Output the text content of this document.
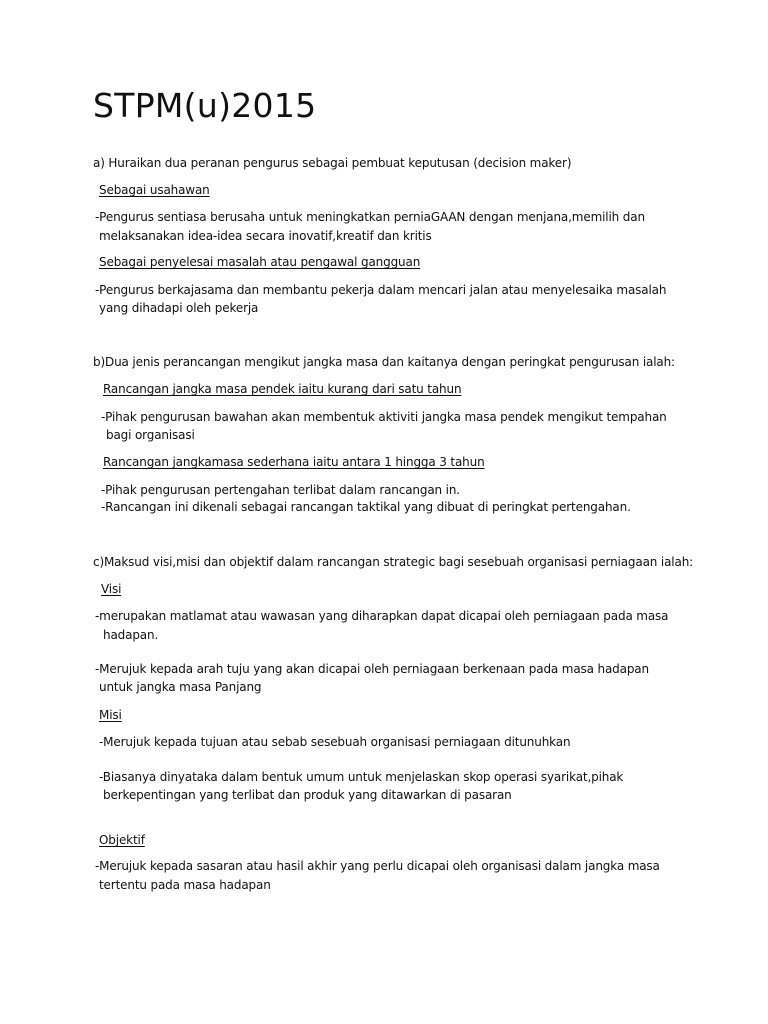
STPM(u)2015
a) Huraikan dua peranan pengurus sebagai pembuat keputusan (decision maker)
Sebagai usahawan
-Pengurus sentiasa berusaha untuk meningkatkan perniaGAAN dengan menjana,memilih dan
melaksanakan idea-idea secara inovatif,kreatif dan kritis
Sebagai penyelesai masalah atau pengawal gangguan
-Pengurus berkajasama dan membantu pekerja dalam mencari jalan atau menyelesaika masalah
yang dihadapi oleh pekerja
b)Dua jenis perancangan mengikut jangka masa dan kaitanya dengan peringkat pengurusan ialah:
Rancangan jangka masa pendek iaitu kurang dari satu tahun
-Pihak pengurusan bawahan akan membentuk aktiviti jangka masa pendek mengikut tempahan
bagi organisasi
Rancangan jangkamasa sederhana iaitu antara 1 hingga 3 tahun
-Pihak pengurusan pertengahan terlibat dalam rancangan in.
-Rancangan ini dikenali sebagai rancangan taktikal yang dibuat di peringkat pertengahan.
c)Maksud visi,misi dan objektif dalam rancangan strategic bagi sesebuah organisasi perniagaan ialah:
Visi
-merupakan matlamat atau wawasan yang diharapkan dapat dicapai oleh perniagaan pada masa
hadapan.
-Merujuk kepada arah tuju yang akan dicapai oleh perniagaan berkenaan pada masa hadapan
untuk jangka masa Panjang
Misi
-Merujuk kepada tujuan atau sebab sesebuah organisasi perniagaan ditunuhkan
-Biasanya dinyataka dalam bentuk umum untuk menjelaskan skop operasi syarikat,pihak
berkepentingan yang terlibat dan produk yang ditawarkan di pasaran
Objektif
-Merujuk kepada sasaran atau hasil akhir yang perlu dicapai oleh organisasi dalam jangka masa
tertentu pada masa hadapan
